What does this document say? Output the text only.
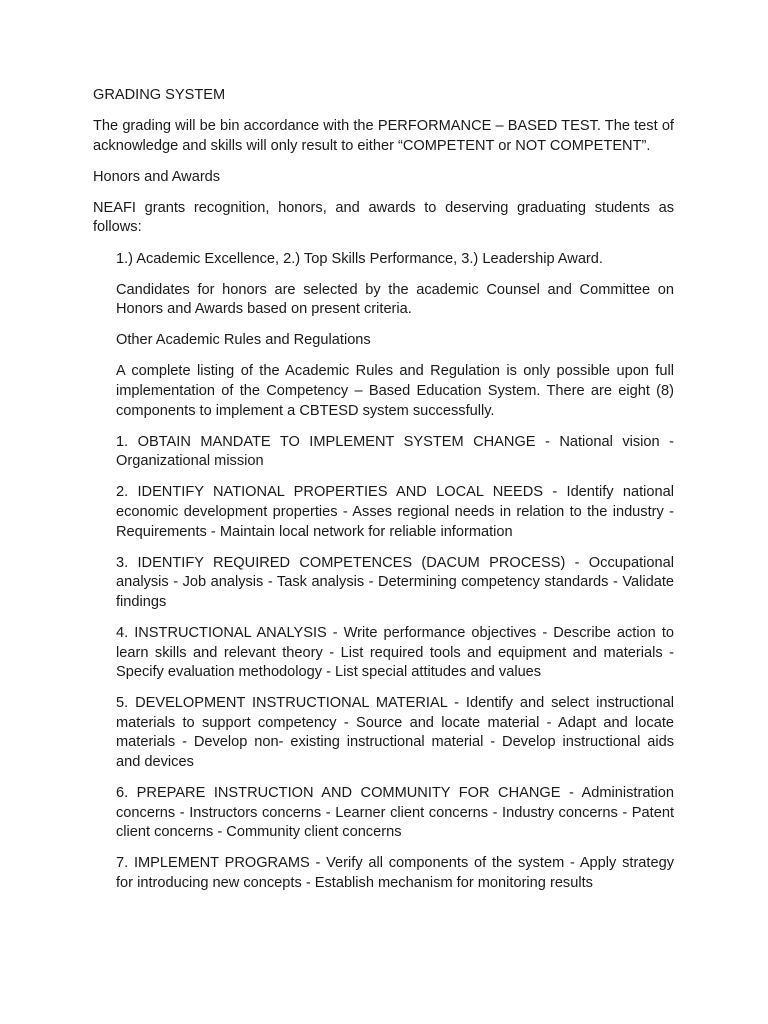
GRADING SYSTEM

The grading will be bin accordance with the PERFORMANCE – BASED TEST. The test of acknowledge and skills will only result to either “COMPETENT or NOT COMPETENT”.

Honors and Awards

NEAFI grants recognition, honors, and awards to deserving graduating students as follows:

1.) Academic Excellence, 2.) Top Skills Performance, 3.) Leadership Award.

Candidates for honors are selected by the academic Counsel and Committee on Honors and Awards based on present criteria.

Other Academic Rules and Regulations

A complete listing of the Academic Rules and Regulation is only possible upon full implementation of the Competency – Based Education System. There are eight (8) components to implement a CBTESD system successfully.

1. OBTAIN MANDATE TO IMPLEMENT SYSTEM CHANGE - National vision - Organizational mission

2. IDENTIFY NATIONAL PROPERTIES AND LOCAL NEEDS - Identify national economic development properties - Asses regional needs in relation to the industry - Requirements - Maintain local network for reliable information

3. IDENTIFY REQUIRED COMPETENCES (DACUM PROCESS) - Occupational analysis - Job analysis - Task analysis - Determining competency standards - Validate findings

4. INSTRUCTIONAL ANALYSIS - Write performance objectives - Describe action to learn skills and relevant theory - List required tools and equipment and materials - Specify evaluation methodology - List special attitudes and values

5. DEVELOPMENT INSTRUCTIONAL MATERIAL - Identify and select instructional materials to support competency - Source and locate material - Adapt and locate materials - Develop non- existing instructional material - Develop instructional aids and devices

6. PREPARE INSTRUCTION AND COMMUNITY FOR CHANGE - Administration concerns - Instructors concerns - Learner client concerns - Industry concerns - Patent client concerns - Community client concerns

7. IMPLEMENT PROGRAMS - Verify all components of the system - Apply strategy for introducing new concepts - Establish mechanism for monitoring results
